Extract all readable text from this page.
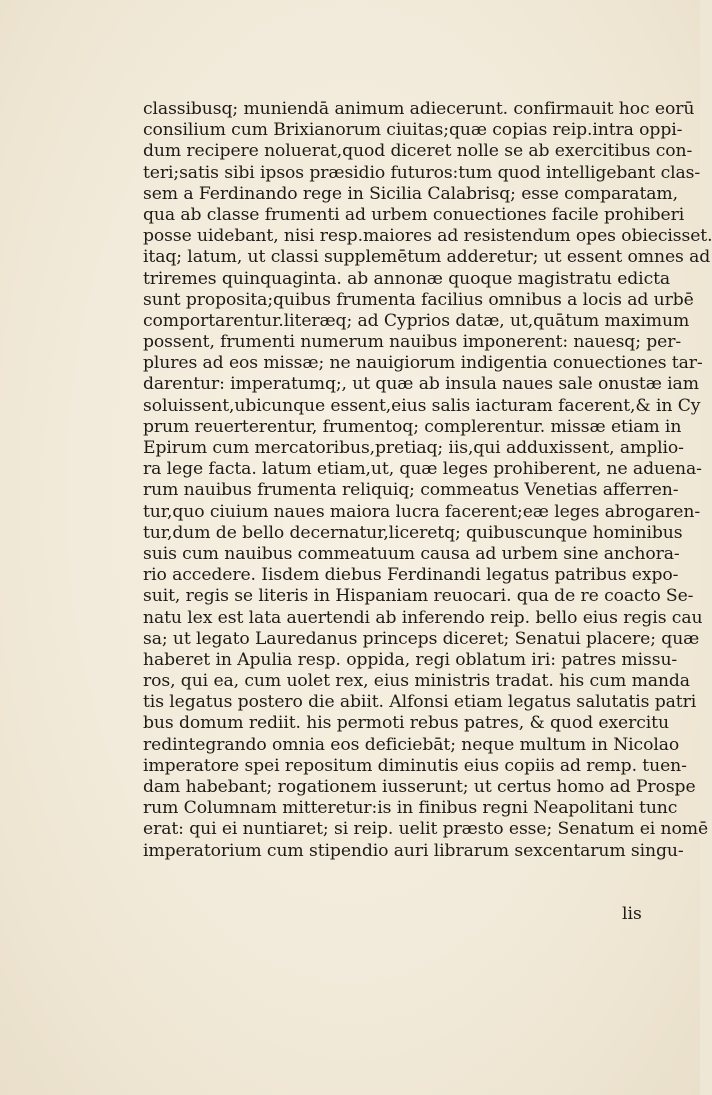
classibusq; muniendā animum adiecerunt. confirmauit hoc eorū
consilium cum Brixianorum ciuitas;quæ copias reip.intra oppi-
dum recipere noluerat,quod diceret nolle se ab exercitibus con-
teri;satis sibi ipsos præsidio futuros:tum quod intelligebant clas-
sem a Ferdinando rege in Sicilia Calabrisq; esse comparatam,
qua ab classe frumenti ad urbem conuectiones facile prohiberi
posse uidebant, nisi resp.maiores ad resistendum opes obiecisset.
itaq; latum, ut classi supplemētum adderetur; ut essent omnes ad
triremes quinquaginta. ab annonæ quoque magistratu edicta
sunt proposita;quibus frumenta facilius omnibus a locis ad urbē
comportarentur.literæq; ad Cyprios datæ, ut,quātum maximum
possent, frumenti numerum nauibus imponerent: nauesq; per-
plures ad eos missæ; ne nauigiorum indigentia conuectiones tar-
darentur: imperatumq;, ut quæ ab insula naues sale onustæ iam
soluissent,ubicunque essent,eius salis iacturam facerent,& in Cy
prum reuerterentur, frumentoq; complerentur. missæ etiam in
Epirum cum mercatoribus,pretiaq; iis,qui adduxissent, amplio-
ra lege facta. latum etiam,ut, quæ leges prohiberent, ne aduena-
rum nauibus frumenta reliquiq; commeatus Venetias afferren-
tur,quo ciuium naues maiora lucra facerent;eæ leges abrogaren-
tur,dum de bello decernatur,liceretq; quibuscunque hominibus
suis cum nauibus commeatuum causa ad urbem sine anchora-
rio accedere. Iisdem diebus Ferdinandi legatus patribus expo-
suit, regis se literis in Hispaniam reuocari. qua de re coacto Se-
natu lex est lata auertendi ab inferendo reip. bello eius regis cau
sa; ut legato Lauredanus princeps diceret; Senatui placere; quæ
haberet in Apulia resp. oppida, regi oblatum iri: patres missu-
ros, qui ea, cum uolet rex, eius ministris tradat. his cum manda
tis legatus postero die abiit. Alfonsi etiam legatus salutatis patri
bus domum rediit. his permoti rebus patres, & quod exercitu
redintegrando omnia eos deficiebāt; neque multum in Nicolao
imperatore spei repositum diminutis eius copiis ad remp. tuen-
dam habebant; rogationem iusserunt; ut certus homo ad Prospe
rum Columnam mitteretur:is in finibus regni Neapolitani tunc
erat: qui ei nuntiaret; si reip. uelit præsto esse; Senatum ei nomē
imperatorium cum stipendio auri librarum sexcentarum singu-
lis
